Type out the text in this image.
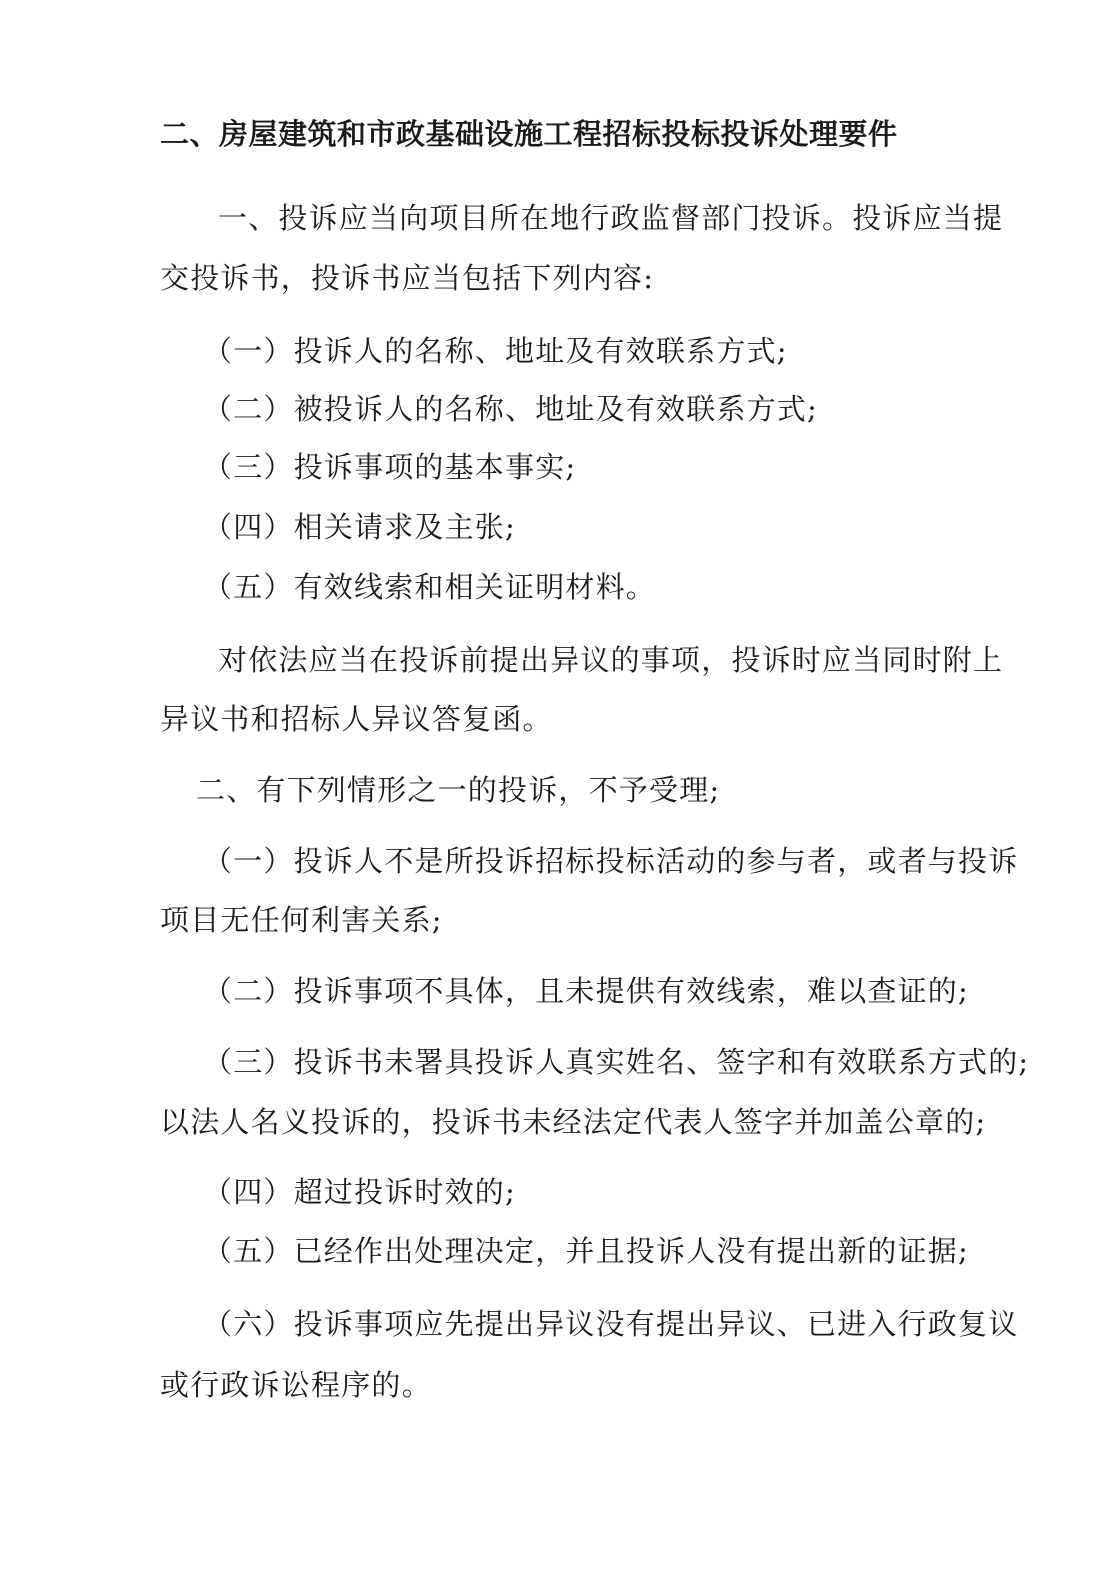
二、房屋建筑和市政基础设施工程招标投标投诉处理要件
一、投诉应当向项目所在地行政监督部门投诉。投诉应当提
交投诉书，投诉书应当包括下列内容:
（一）投诉人的名称、地址及有效联系方式;
（二）被投诉人的名称、地址及有效联系方式;
（三）投诉事项的基本事实;
（四）相关请求及主张;
（五）有效线索和相关证明材料。
对依法应当在投诉前提出异议的事项，投诉时应当同时附上
异议书和招标人异议答复函。
二、有下列情形之一的投诉，不予受理;
（一）投诉人不是所投诉招标投标活动的参与者，或者与投诉
项目无任何利害关系;
（二）投诉事项不具体，且未提供有效线索，难以查证的;
（三）投诉书未署具投诉人真实姓名、签字和有效联系方式的;
以法人名义投诉的，投诉书未经法定代表人签字并加盖公章的;
（四）超过投诉时效的;
（五）已经作出处理决定，并且投诉人没有提出新的证据;
（六）投诉事项应先提出异议没有提出异议、已进入行政复议
或行政诉讼程序的。
